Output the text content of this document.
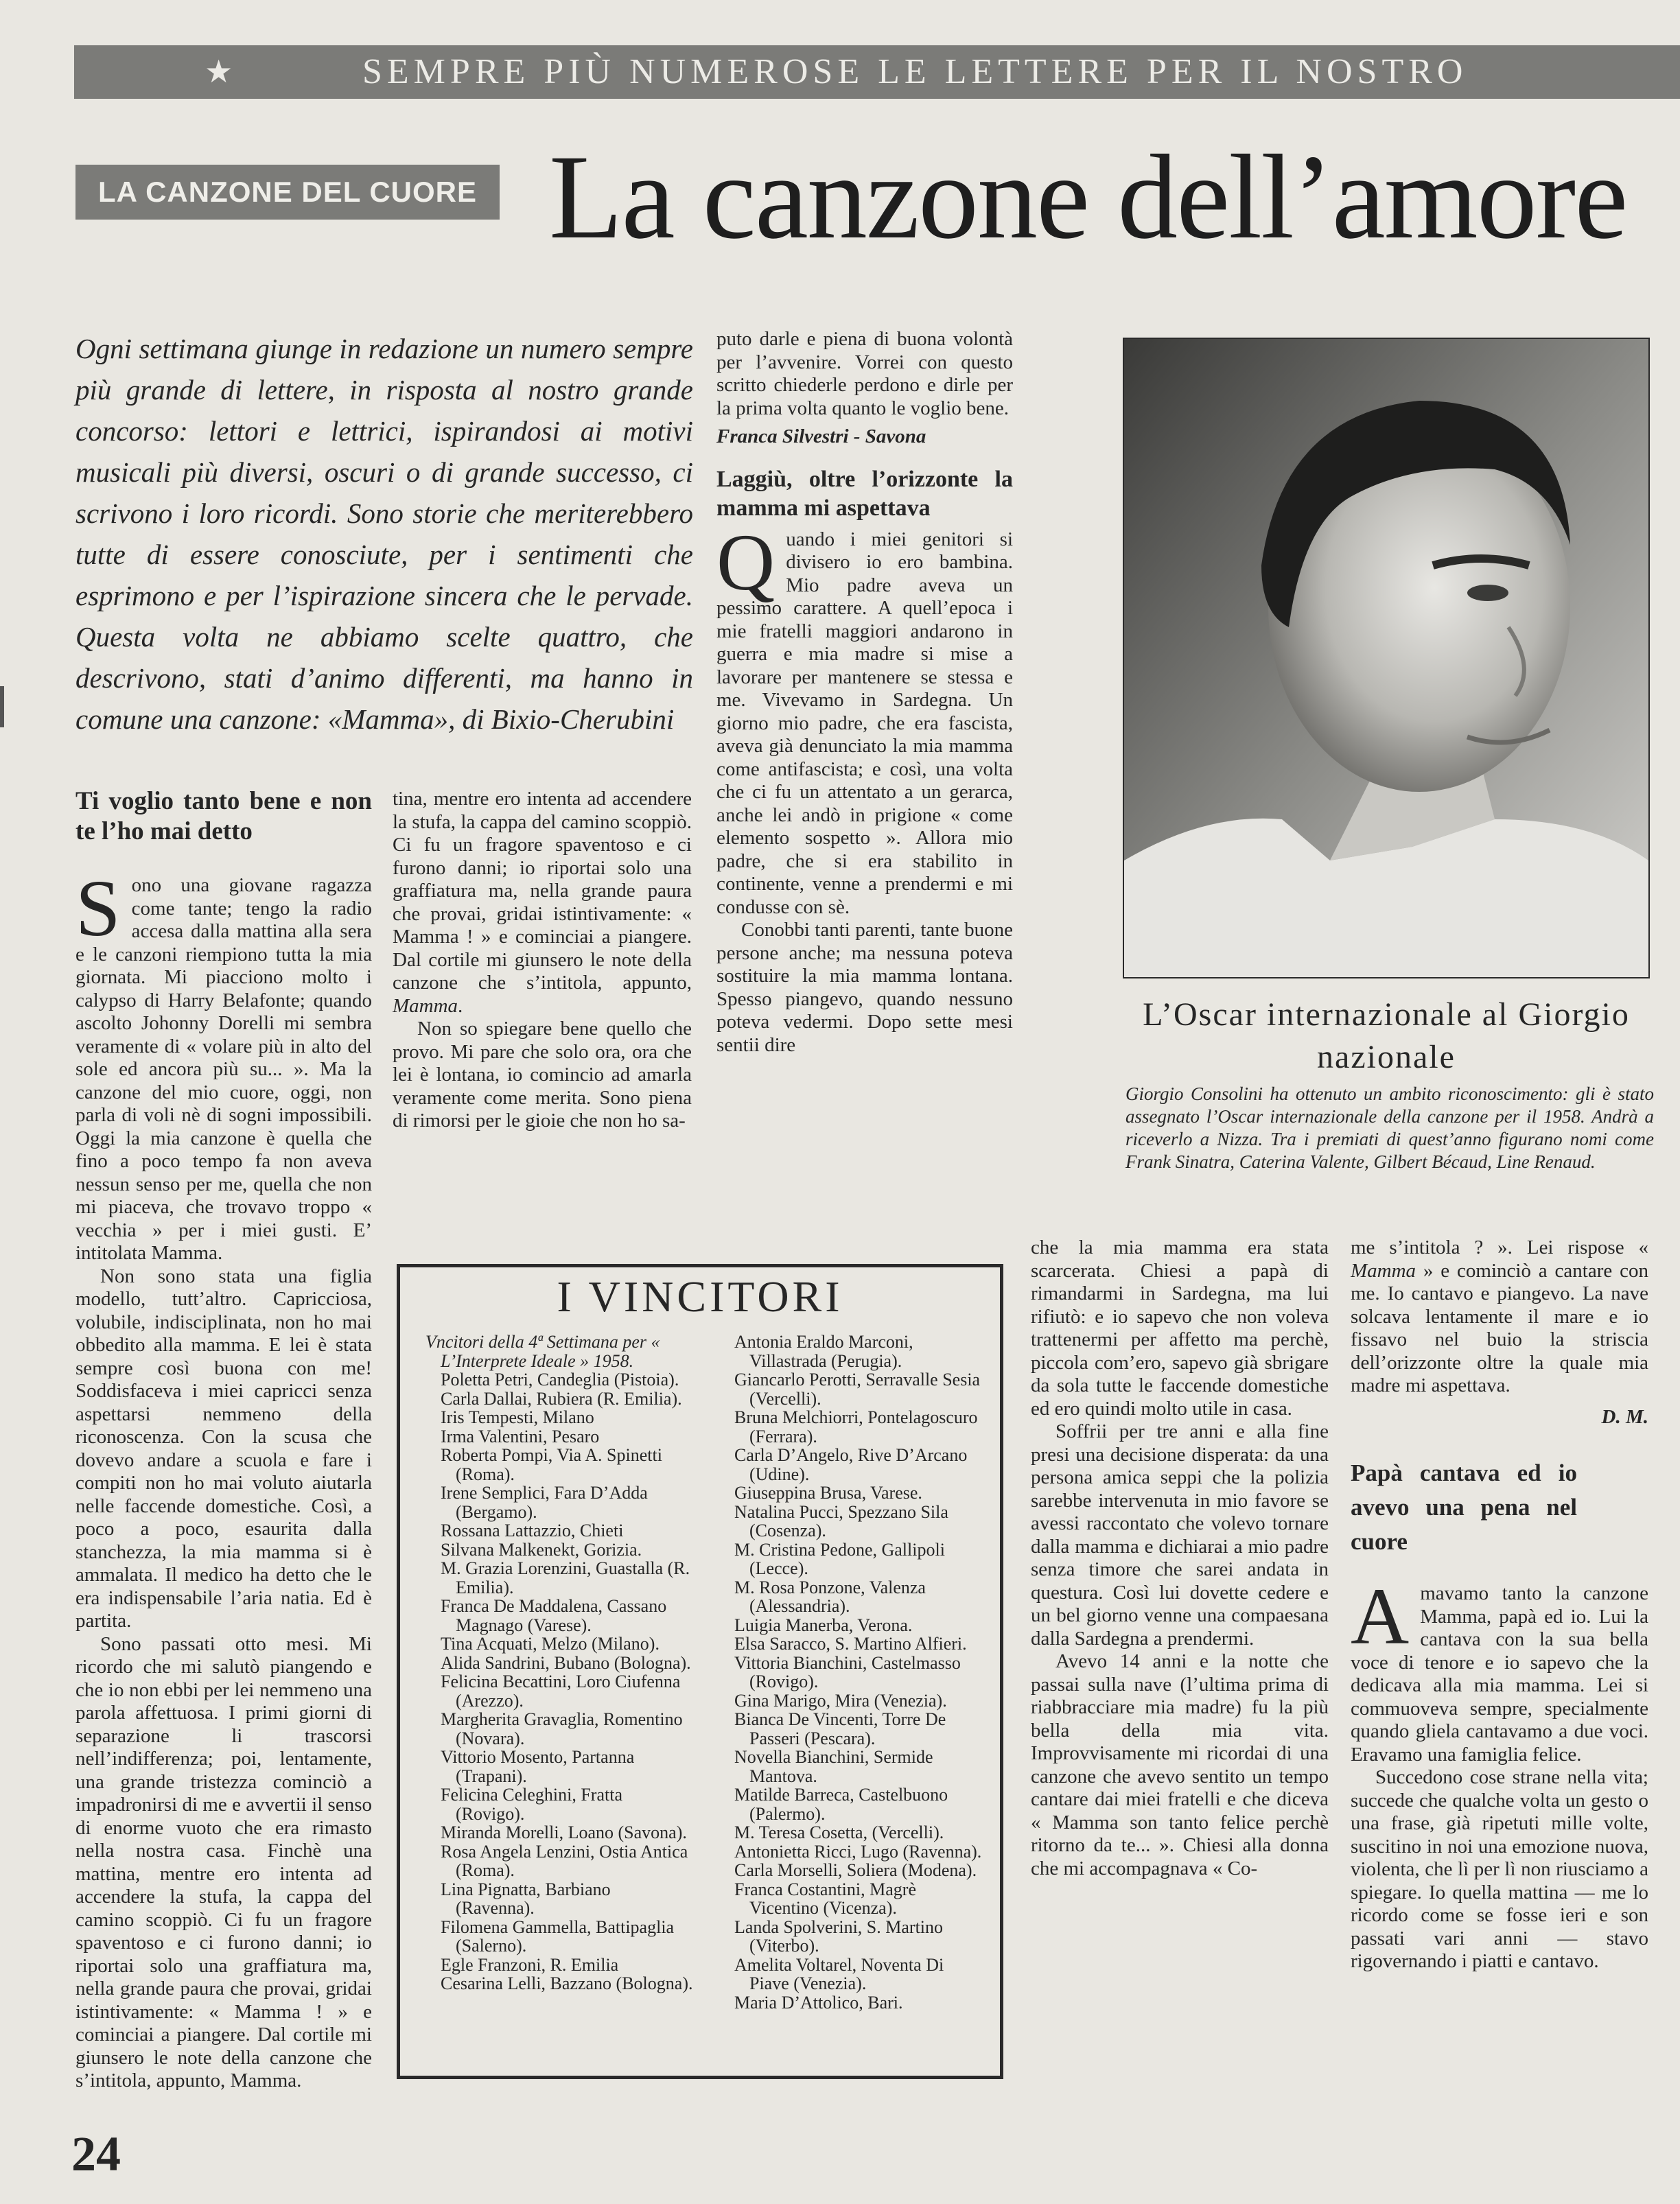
★	SEMPRE PIÙ NUMEROSE LE LETTERE PER IL NOSTRO
LA CANZONE DEL CUORE La canzone dell’amore
Ogni settimana giunge in redazione un numero sempre più grande di lettere, in risposta al nostro grande concorso: lettori e lettrici, ispirandosi ai motivi musicali più diversi, oscuri o di grande successo, ci scrivono i loro ricordi. Sono storie che meriterebbero tutte di essere conosciute, per i sentimenti che esprimono e per l’ispirazione sincera che le pervade. Questa volta ne abbiamo scelte quattro, che descrivono, stati d’animo differenti, ma hanno in comune una canzone: «Mamma», di Bixio-Cherubini
Ti voglio tanto bene e non te l’ho mai detto

Sono una giovane ragazza come tante; tengo la radio accesa dalla mattina alla sera e le canzoni riempiono tutta la mia giornata. Mi piacciono molto i calypso di Harry Belafonte; quando ascolto Johonny Dorelli mi sembra veramente di « volare più in alto del sole ed ancora più su... ». Ma la canzone del mio cuore, oggi, non parla di voli nè di sogni impossibili. Oggi la mia canzone è quella che fino a poco tempo fa non aveva nessun senso per me, quella che non mi piaceva, che trovavo troppo « vecchia » per i miei gusti. E’ intitolata Mamma.

Non sono stata una figlia modello, tutt’altro. Capricciosa, volubile, indisciplinata, non ho mai obbedito alla mamma. E lei è stata sempre così buona con me! Soddisfaceva i miei capricci senza aspettarsi nemmeno della riconoscenza. Con la scusa che dovevo andare a scuola e fare i compiti non ho mai voluto aiutarla nelle faccende domestiche. Così, a poco a poco, esaurita dalla stanchezza, la mia mamma si è ammalata. Il medico ha detto che le era indispensabile l’aria natia. Ed è partita.

Sono passati otto mesi. Mi ricordo che mi salutò piangendo e che io non ebbi per lei nemmeno una parola affettuosa. I primi giorni di separazione li trascorsi nell’indifferenza; poi, lentamente, una grande tristezza cominciò a impadronirsi di me e avvertii il senso di enorme vuoto che era rimasto nella nostra casa. Finchè una mattina, mentre ero intenta ad accendere la stufa, la cappa del camino scoppiò. Ci fu un fragore spaventoso e ci furono danni; io riportai solo una graffiatura ma, nella grande paura che provai, gridai istintivamente: « Mamma ! » e cominciai a piangere. Dal cortile mi giunsero le note della canzone che s’intitola, appunto, Mamma.

tina, mentre ero intenta ad accendere la stufa, la cappa del camino scoppiò. Ci fu un fragore spaventoso e ci furono danni; io riportai solo una graffiatura ma, nella grande paura che provai, gridai istintivamente: « Mamma ! » e cominciai a piangere. Dal cortile mi giunsero le note della canzone che s’intitola, appunto, Mamma.

Non so spiegare bene quello che provo. Mi pare che solo ora, ora che lei è lontana, io comincio ad amarla veramente come merita. Sono piena di rimorsi per le gioie che non ho sa-

puto darle e piena di buona volontà per l’avvenire. Vorrei con questo scritto chiederle perdono e dirle per la prima volta quanto le voglio bene.

Franca Silvestri - Savona
Laggiù, oltre l’orizzonte la mamma mi aspettava

Quando i miei genitori si divisero io ero bambina. Mio padre aveva un pessimo carattere. A quell’epoca i mie fratelli maggiori andarono in guerra e mia madre si mise a lavorare per mantenere se stessa e me. Vivevamo in Sardegna. Un giorno mio padre, che era fascista, aveva già denunciato la mia mamma come antifascista; e così, una volta che ci fu un attentato a un gerarca, anche lei andò in prigione « come elemento sospetto ». Allora mio padre, che si era stabilito in continente, venne a prendermi e mi condusse con sè.

Conobbi tanti parenti, tante buone persone anche; ma nessuna poteva sostituire la mia mamma lontana. Spesso piangevo, quando nessuno poteva vedermi. Dopo sette mesi sentii dire

L’Oscar internazionale al Giorgio nazionale
Giorgio Consolini ha ottenuto un ambito riconoscimento: gli è stato assegnato l’Oscar internazionale della canzone per il 1958. Andrà a riceverlo a Nizza. Tra i premiati di quest’anno figurano nomi come Frank Sinatra, Caterina Valente, Gilbert Bécaud, Line Renaud.
I VINCITORI
Vncitori della 4ª Settimana per « L’Interprete Ideale » 1958.
Poletta Petri, Candeglia (Pistoia).
Carla Dallai, Rubiera (R. Emilia).
Iris Tempesti, Milano
Irma Valentini, Pesaro
Roberta Pompi, Via A. Spinetti (Roma).
Irene Semplici, Fara D’Adda (Bergamo).
Rossana Lattazzio, Chieti
Silvana Malkenekt, Gorizia.
M. Grazia Lorenzini, Guastalla (R. Emilia).
Franca De Maddalena, Cassano Magnago (Varese).
Tina Acquati, Melzo (Milano).
Alida Sandrini, Bubano (Bologna).
Felicina Becattini, Loro Ciufenna (Arezzo).
Margherita Gravaglia, Romentino (Novara).
Vittorio Mosento, Partanna (Trapani).
Felicina Celeghini, Fratta (Rovigo).
Miranda Morelli, Loano (Savona).
Rosa Angela Lenzini, Ostia Antica (Roma).
Lina Pignatta, Barbiano (Ravenna).
Filomena Gammella, Battipaglia (Salerno).
Egle Franzoni, R. Emilia
Cesarina Lelli, Bazzano (Bologna).
Antonia Eraldo Marconi, Villastrada (Perugia).
Giancarlo Perotti, Serravalle Sesia (Vercelli).
Bruna Melchiorri, Pontelagoscuro (Ferrara).
Carla D’Angelo, Rive D’Arcano (Udine).
Giuseppina Brusa, Varese.
Natalina Pucci, Spezzano Sila (Cosenza).
M. Cristina Pedone, Gallipoli (Lecce).
M. Rosa Ponzone, Valenza (Alessandria).
Luigia Manerba, Verona.
Elsa Saracco, S. Martino Alfieri.
Vittoria Bianchini, Castelmasso (Rovigo).
Gina Marigo, Mira (Venezia).
Bianca De Vincenti, Torre De Passeri (Pescara).
Novella Bianchini, Sermide Mantova.
Matilde Barreca, Castelbuono (Palermo).
M. Teresa Cosetta, (Vercelli).
Antonietta Ricci, Lugo (Ravenna).
Carla Morselli, Soliera (Modena).
Franca Costantini, Magrè Vicentino (Vicenza).
Landa Spolverini, S. Martino (Viterbo).
Amelita Voltarel, Noventa Di Piave (Venezia).
Maria D’Attolico, Bari.

che la mia mamma era stata scarcerata. Chiesi a papà di rimandarmi in Sardegna, ma lui rifiutò: e io sapevo che non voleva trattenermi per affetto ma perchè, piccola com’ero, sapevo già sbrigare da sola tutte le faccende domestiche ed ero quindi molto utile in casa.

Soffrii per tre anni e alla fine presi una decisione disperata: da una persona amica seppi che la polizia sarebbe intervenuta in mio favore se avessi raccontato che volevo tornare dalla mamma e dichiarai a mio padre senza timore che sarei andata in questura. Così lui dovette cedere e un bel giorno venne una compaesana dalla Sardegna a prendermi.

Avevo 14 anni e la notte che passai sulla nave (l’ultima prima di riabbracciare mia madre) fu la più bella della mia vita. Improvvisamente mi ricordai di una canzone che avevo sentito un tempo cantare dai miei fratelli e che diceva « Mamma son tanto felice perchè ritorno da te... ». Chiesi alla donna che mi accompagnava « Co-

me s’intitola ? ». Lei rispose « Mamma » e cominciò a cantare con me. Io cantavo e piangevo. La nave solcava lentamente il mare e io fissavo nel buio la striscia dell’orizzonte oltre la quale mia madre mi aspettava.

D. M.
Papà cantava ed io avevo una pena nel cuore

Amavamo tanto la canzone Mamma, papà ed io. Lui la cantava con la sua bella voce di tenore e io sapevo che la dedicava alla mia mamma. Lei si commuoveva sempre, specialmente quando gliela cantavamo a due voci. Eravamo una famiglia felice.

Succedono cose strane nella vita; succede che qualche volta un gesto o una frase, già ripetuti mille volte, suscitino in noi una emozione nuova, violenta, che lì per lì non riusciamo a spiegare. Io quella mattina — me lo ricordo come se fosse ieri e son passati vari anni — stavo rigovernando i piatti e cantavo.

24
